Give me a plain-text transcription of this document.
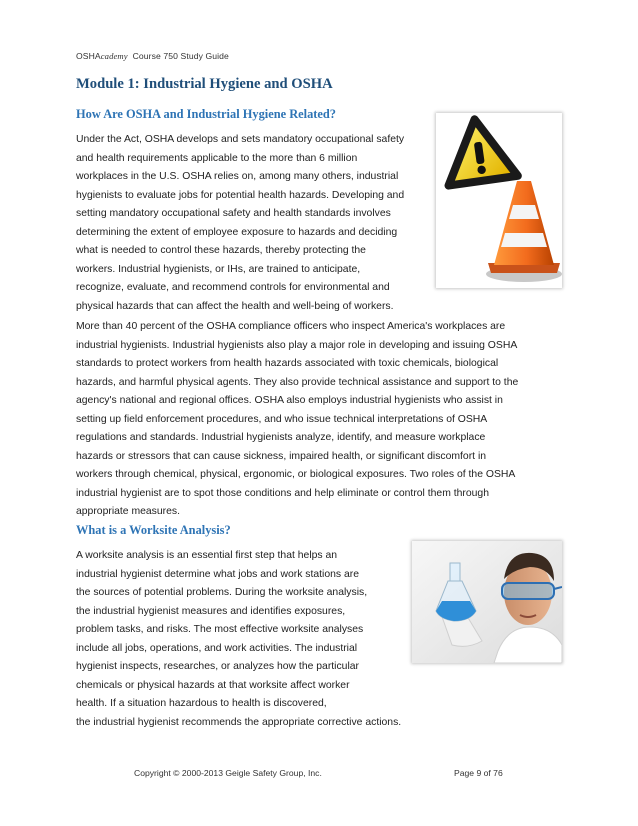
OSHAcademy Course 750 Study Guide
Module 1: Industrial Hygiene and OSHA
How Are OSHA and Industrial Hygiene Related?
Under the Act, OSHA develops and sets mandatory occupational safety
and health requirements applicable to the more than 6 million
workplaces in the U.S. OSHA relies on, among many others, industrial
hygienists to evaluate jobs for potential health hazards. Developing and
setting mandatory occupational safety and health standards involves
determining the extent of employee exposure to hazards and deciding
what is needed to control these hazards, thereby protecting the
workers. Industrial hygienists, or IHs, are trained to anticipate,
recognize, evaluate, and recommend controls for environmental and
physical hazards that can affect the health and well-being of workers.
More than 40 percent of the OSHA compliance officers who inspect America's workplaces are
industrial hygienists. Industrial hygienists also play a major role in developing and issuing OSHA
standards to protect workers from health hazards associated with toxic chemicals, biological
hazards, and harmful physical agents. They also provide technical assistance and support to the
agency's national and regional offices. OSHA also employs industrial hygienists who assist in
setting up field enforcement procedures, and who issue technical interpretations of OSHA
regulations and standards. Industrial hygienists analyze, identify, and measure workplace
hazards or stressors that can cause sickness, impaired health, or significant discomfort in
workers through chemical, physical, ergonomic, or biological exposures. Two roles of the OSHA
industrial hygienist are to spot those conditions and help eliminate or control them through
appropriate measures.
What is a Worksite Analysis?
A worksite analysis is an essential first step that helps an
industrial hygienist determine what jobs and work stations are
the sources of potential problems. During the worksite analysis,
the industrial hygienist measures and identifies exposures,
problem tasks, and risks. The most effective worksite analyses
include all jobs, operations, and work activities. The industrial
hygienist inspects, researches, or analyzes how the particular
chemicals or physical hazards at that worksite affect worker
health. If a situation hazardous to health is discovered,
the industrial hygienist recommends the appropriate corrective actions.
Copyright © 2000-2013 Geigle Safety Group, Inc.	Page 9 of 76
